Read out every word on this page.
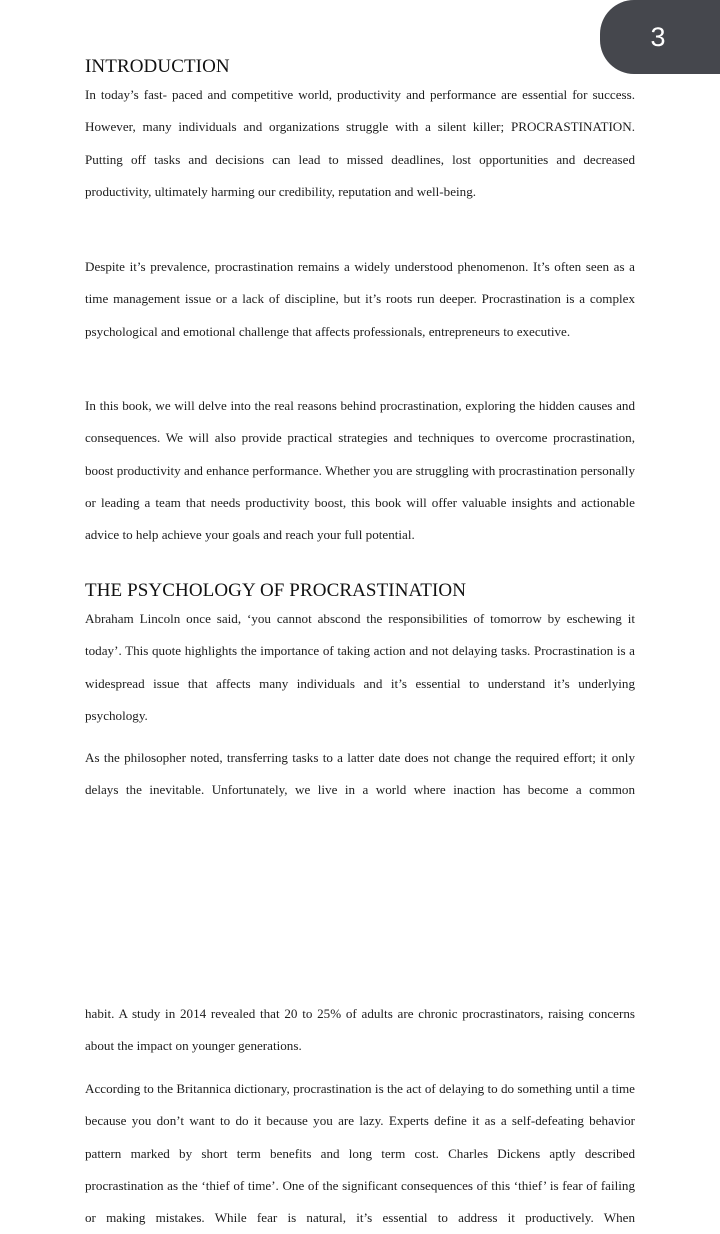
3
INTRODUCTION

In today’s fast- paced and competitive world, productivity and performance are essential for success. However, many individuals and organizations struggle with a silent killer; PROCRASTINATION. Putting off tasks and decisions can lead to missed deadlines, lost opportunities and decreased productivity, ultimately harming our credibility, reputation and well-being.

Despite it’s prevalence, procrastination remains a widely understood phenomenon. It’s often seen as a time management issue or a lack of discipline, but it’s roots run deeper. Procrastination is a complex psychological and emotional challenge that affects professionals, entrepreneurs to executive.

In this book, we will delve into the real reasons behind procrastination, exploring the hidden causes and consequences. We will also provide practical strategies and techniques to overcome procrastination, boost productivity and enhance performance. Whether you are struggling with procrastination personally or leading a team that needs productivity boost, this book will offer valuable insights and actionable advice to help achieve your goals and reach your full potential.

THE PSYCHOLOGY OF PROCRASTINATION

Abraham Lincoln once said, ‘you cannot abscond the responsibilities of tomorrow by eschewing it today’. This quote highlights the importance of taking action and not delaying tasks. Procrastination is a widespread issue that affects many individuals and it’s essential to understand it’s underlying psychology.

As the philosopher noted, transferring tasks to a latter date does not change the required effort; it only delays the inevitable. Unfortunately, we live in a world where inaction has become a common

habit. A study in 2014 revealed that 20 to 25% of adults are chronic procrastinators, raising concerns about the impact on younger generations.

According to the Britannica dictionary, procrastination is the act of delaying to do something until a time because you don’t want to do it because you are lazy. Experts define it as a self-defeating behavior pattern marked by short term benefits and long term cost. Charles Dickens aptly described procrastination as the ‘thief of time’. One of the significant consequences of this ‘thief’ is fear of failing or making mistakes. While fear is natural, it’s essential to address it productively. When
